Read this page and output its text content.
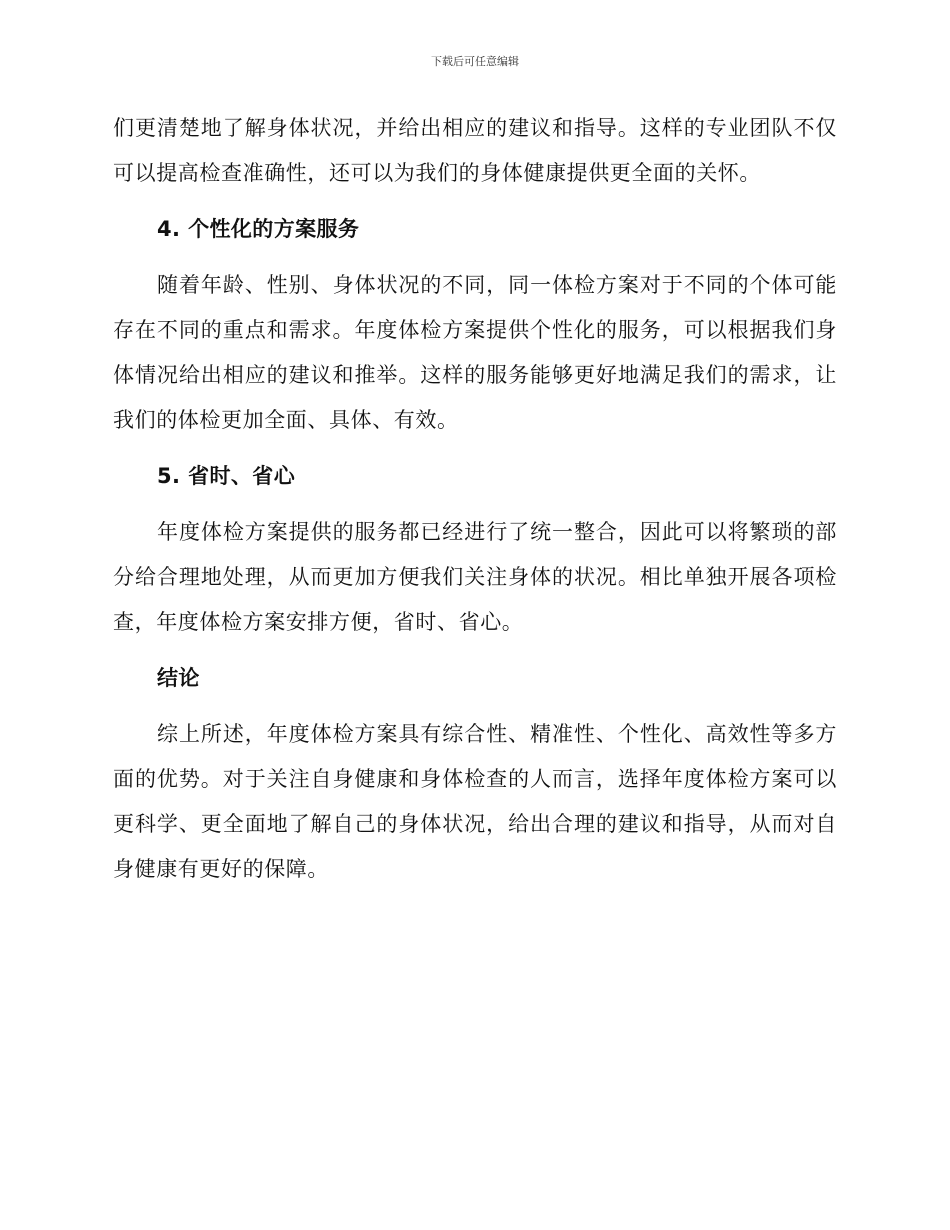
下载后可任意编辑

们更清楚地了解身体状况，并给出相应的建议和指导。这样的专业团队不仅可以提高检查准确性，还可以为我们的身体健康提供更全面的关怀。

4. 个性化的方案服务

随着年龄、性别、身体状况的不同，同一体检方案对于不同的个体可能存在不同的重点和需求。年度体检方案提供个性化的服务，可以根据我们身体情况给出相应的建议和推举。这样的服务能够更好地满足我们的需求，让我们的体检更加全面、具体、有效。

5. 省时、省心

年度体检方案提供的服务都已经进行了统一整合，因此可以将繁琐的部分给合理地处理，从而更加方便我们关注身体的状况。相比单独开展各项检查，年度体检方案安排方便，省时、省心。

结论

综上所述，年度体检方案具有综合性、精准性、个性化、高效性等多方面的优势。对于关注自身健康和身体检查的人而言，选择年度体检方案可以更科学、更全面地了解自己的身体状况，给出合理的建议和指导，从而对自身健康有更好的保障。
